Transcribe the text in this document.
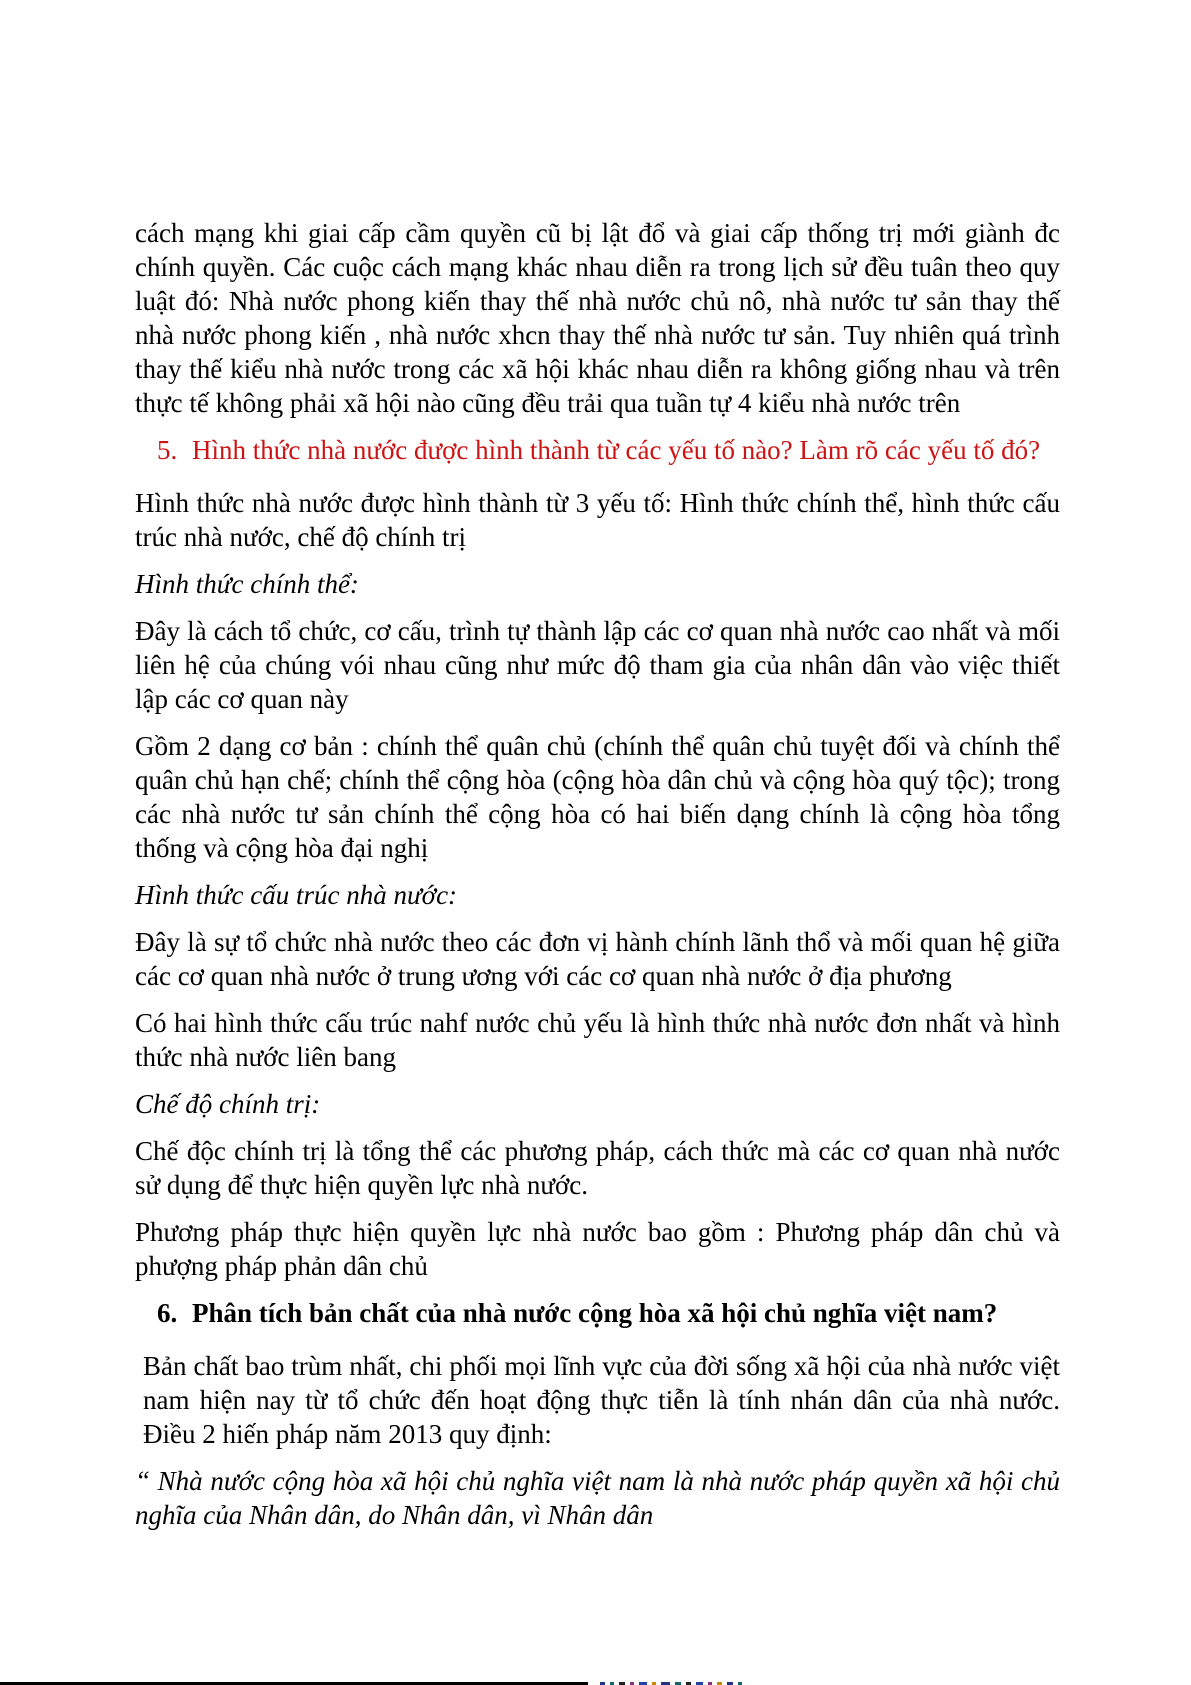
cách mạng khi giai cấp cầm quyền cũ bị lật đổ và giai cấp thống trị mới giành đc chính quyền. Các cuộc cách mạng khác nhau diễn ra trong lịch sử đều tuân theo quy luật đó: Nhà nước phong kiến thay thế nhà nước chủ nô, nhà nước tư sản thay thế nhà nước phong kiến , nhà nước xhcn thay thế nhà nước tư sản. Tuy nhiên quá trình thay thế kiểu nhà nước trong các xã hội khác nhau diễn ra không giống nhau và trên thực tế không phải xã hội nào cũng đều trải qua tuần tự 4 kiểu nhà nước trên

5. Hình thức nhà nước được hình thành từ các yếu tố nào? Làm rõ các yếu tố đó?

Hình thức nhà nước được hình thành từ 3 yếu tố: Hình thức chính thể, hình thức cấu trúc nhà nước, chế độ chính trị

Hình thức chính thể:

Đây là cách tổ chức, cơ cấu, trình tự thành lập các cơ quan nhà nước cao nhất và mối liên hệ của chúng vói nhau cũng như mức độ tham gia của nhân dân vào việc thiết lập các cơ quan này

Gồm 2 dạng cơ bản : chính thể quân chủ (chính thể quân chủ tuyệt đối và chính thể quân chủ hạn chế; chính thể cộng hòa (cộng hòa dân chủ và cộng hòa quý tộc); trong các nhà nước tư sản chính thể cộng hòa có hai biến dạng chính là cộng hòa tổng thống và cộng hòa đại nghị

Hình thức cấu trúc nhà nước:

Đây là sự tổ chức nhà nước theo các đơn vị hành chính lãnh thổ và mối quan hệ giữa các cơ quan nhà nước ở trung ương với các cơ quan nhà nước ở địa phương

Có hai hình thức cấu trúc nahf nước chủ yếu là hình thức nhà nước đơn nhất và hình thức nhà nước liên bang

Chế độ chính trị:

Chế độc chính trị là tổng thể các phương pháp, cách thức mà các cơ quan nhà nước sử dụng để thực hiện quyền lực nhà nước.

Phương pháp thực hiện quyền lực nhà nước bao gồm : Phương pháp dân chủ và phượng pháp phản dân chủ

6. Phân tích bản chất của nhà nước cộng hòa xã hội chủ nghĩa việt nam?

Bản chất bao trùm nhất, chi phối mọi lĩnh vực của đời sống xã hội của nhà nước việt nam hiện nay từ tổ chức đến hoạt động thực tiễn là tính nhán dân của nhà nước. Điều 2 hiến pháp năm 2013 quy định:

“ Nhà nước cộng hòa xã hội chủ nghĩa việt nam là nhà nước pháp quyền xã hội chủ nghĩa của Nhân dân, do Nhân dân, vì Nhân dân
